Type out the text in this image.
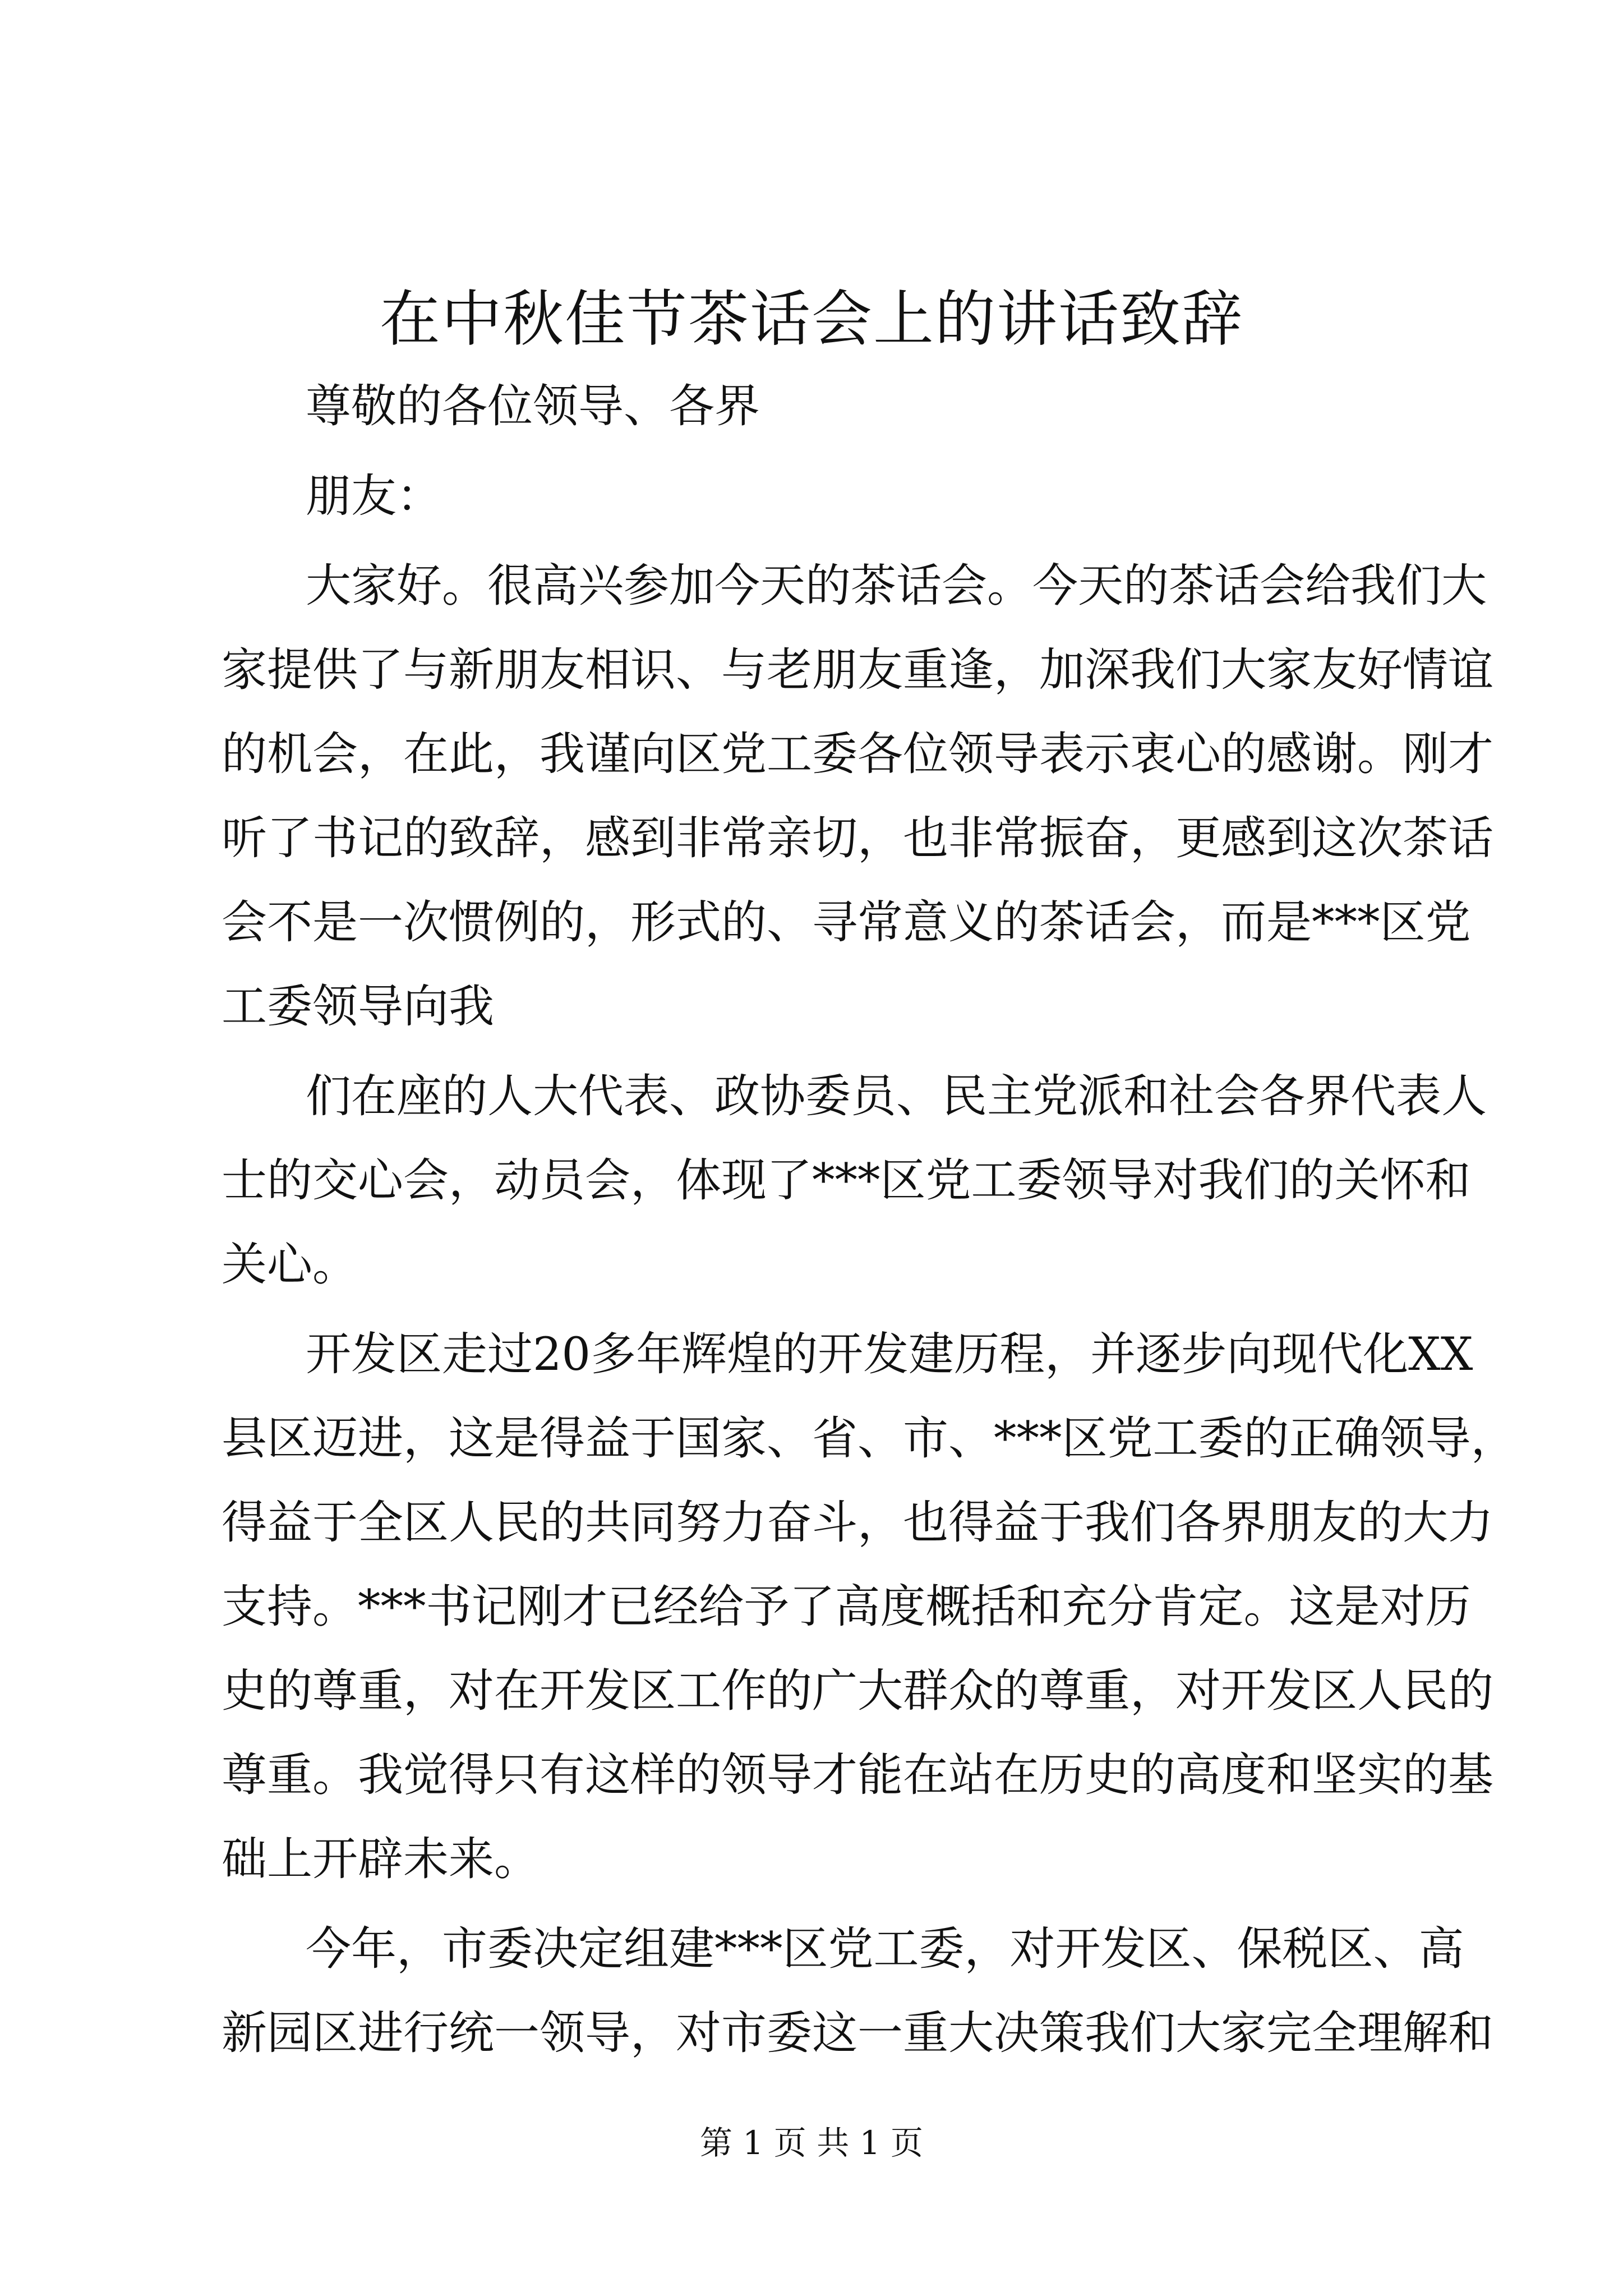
在中秋佳节茶话会上的讲话致辞

尊敬的各位领导、各界

朋友：

大家好。很高兴参加今天的茶话会。今天的茶话会给我们大

家提供了与新朋友相识、与老朋友重逢，加深我们大家友好情谊

的机会，在此，我谨向区党工委各位领导表示衷心的感谢。刚才

听了书记的致辞，感到非常亲切，也非常振奋，更感到这次茶话

会不是一次惯例的，形式的、寻常意义的茶话会，而是***区党

工委领导向我

们在座的人大代表、政协委员、民主党派和社会各界代表人

士的交心会，动员会，体现了***区党工委领导对我们的关怀和

关心。

开发区走过20多年辉煌的开发建历程，并逐步向现代化XX

县区迈进，这是得益于国家、省、市、***区党工委的正确领导，

得益于全区人民的共同努力奋斗，也得益于我们各界朋友的大力

支持。***书记刚才已经给予了高度概括和充分肯定。这是对历

史的尊重，对在开发区工作的广大群众的尊重，对开发区人民的

尊重。我觉得只有这样的领导才能在站在历史的高度和坚实的基

础上开辟未来。

今年，市委决定组建***区党工委，对开发区、保税区、高

新园区进行统一领导，对市委这一重大决策我们大家完全理解和

第 1 页 共 1 页
